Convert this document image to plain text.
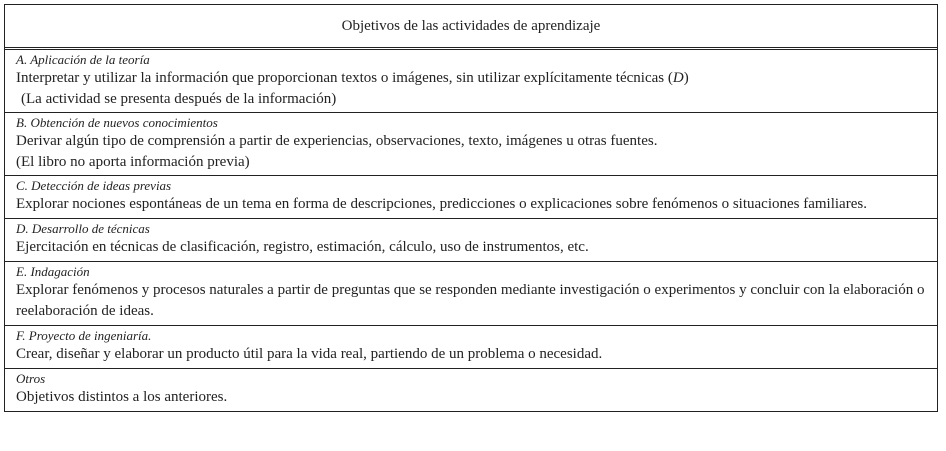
Objetivos de las actividades de aprendizaje
A. Aplicación de la teoría
Interpretar y utilizar la información que proporcionan textos o imágenes, sin utilizar explícitamente técnicas (D)
(La actividad se presenta después de la información)
B. Obtención de nuevos conocimientos
Derivar algún tipo de comprensión a partir de experiencias, observaciones, texto, imágenes u otras fuentes.
(El libro no aporta información previa)
C. Detección de ideas previas
Explorar nociones espontáneas de un tema en forma de descripciones, predicciones o explicaciones sobre fenómenos o situaciones familiares.
D. Desarrollo de técnicas
Ejercitación en técnicas de clasificación, registro, estimación, cálculo, uso de instrumentos, etc.
E. Indagación
Explorar fenómenos y procesos naturales a partir de preguntas que se responden mediante investigación o experimentos y concluir con la elaboración o reelaboración de ideas.
F. Proyecto de ingeniaría.
Crear, diseñar y elaborar un producto útil para la vida real, partiendo de un problema o necesidad.
Otros
Objetivos distintos a los anteriores.
